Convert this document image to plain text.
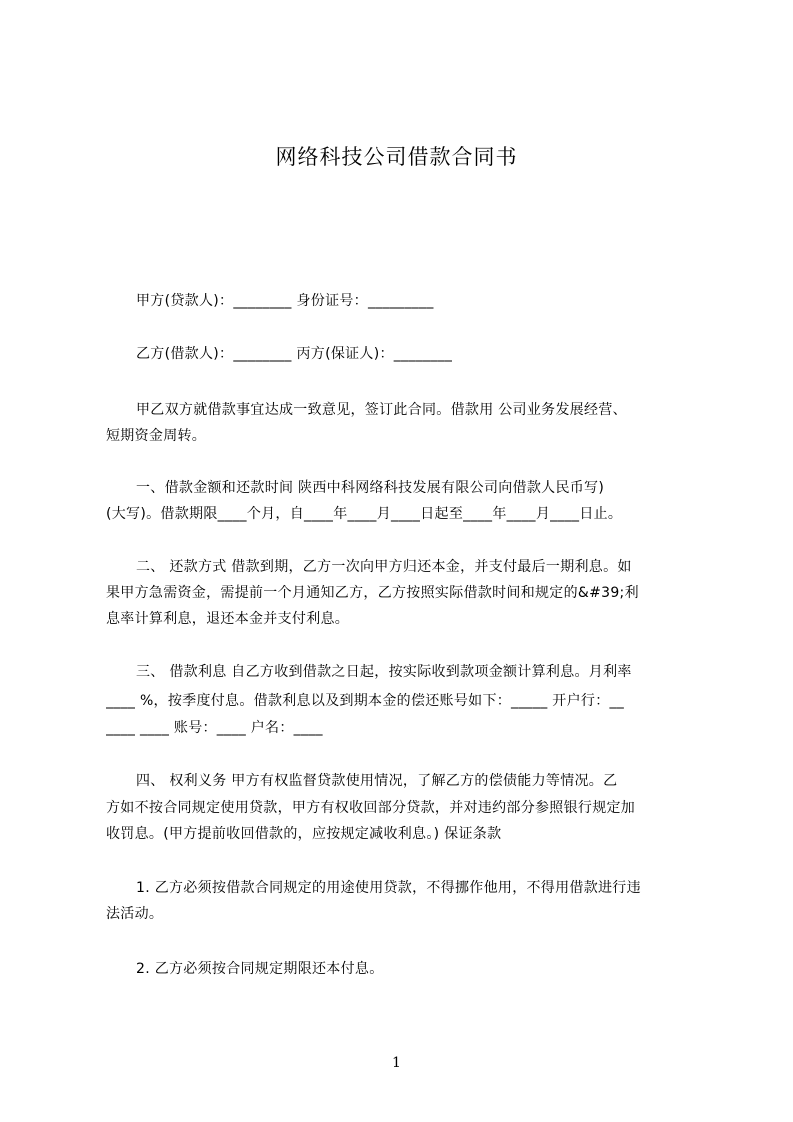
网络科技公司借款合同书
甲方(贷款人)：________ 身份证号：_________
乙方(借款人)：________ 丙方(保证人)：________
甲乙双方就借款事宜达成一致意见，签订此合同。借款用 公司业务发展经营、
短期资金周转。
一、借款金额和还款时间 陕西中科网络科技发展有限公司向借款人民币写)
(大写)。借款期限____个月，自____年____月____日起至____年____月____日止。
二、 还款方式 借款到期，乙方一次向甲方归还本金，并支付最后一期利息。如
果甲方急需资金，需提前一个月通知乙方，乙方按照实际借款时间和规定的&#39;利
息率计算利息，退还本金并支付利息。
三、 借款利息 自乙方收到借款之日起，按实际收到款项金额计算利息。月利率
____ %，按季度付息。借款利息以及到期本金的偿还账号如下：_____ 开户行：__
____ ____ 账号：____ 户名：____
四、 权利义务 甲方有权监督贷款使用情况，了解乙方的偿债能力等情况。乙
方如不按合同规定使用贷款，甲方有权收回部分贷款，并对违约部分参照银行规定加
收罚息。(甲方提前收回借款的，应按规定减收利息。) 保证条款
1. 乙方必须按借款合同规定的用途使用贷款，不得挪作他用，不得用借款进行违
法活动。
2. 乙方必须按合同规定期限还本付息。
1
